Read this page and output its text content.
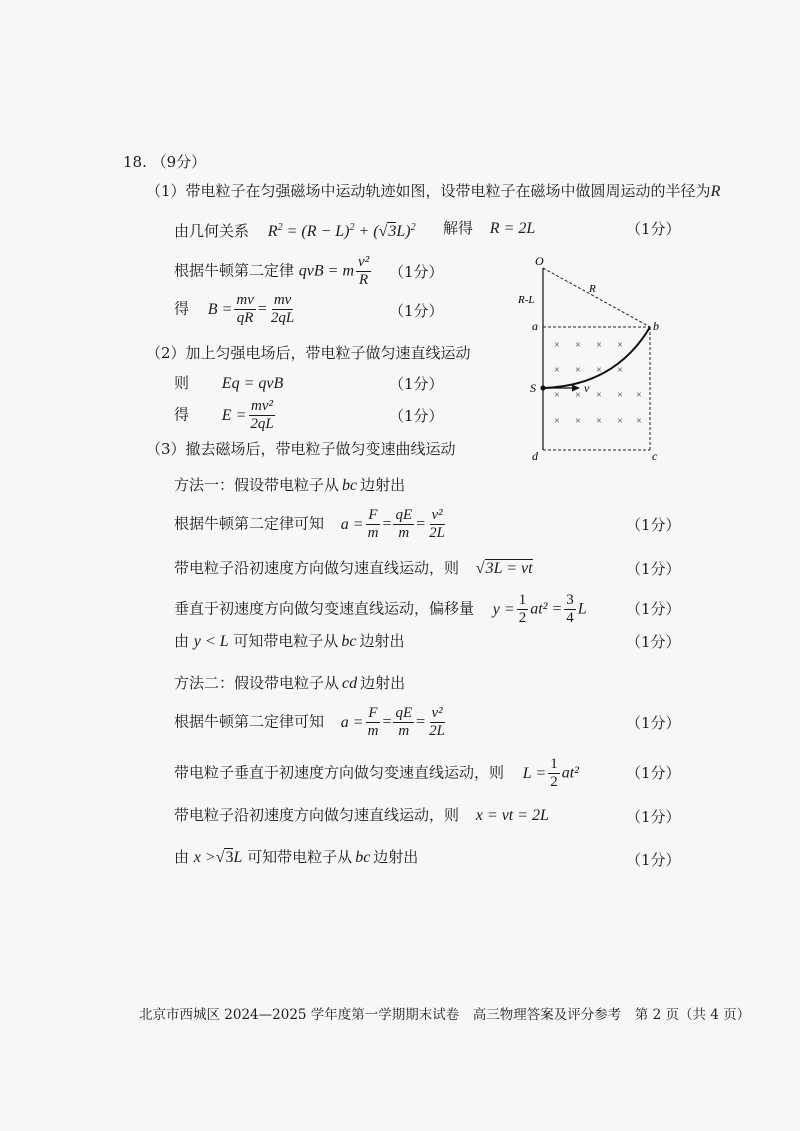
18. （9分）
（1）带电粒子在匀强磁场中运动轨迹如图，设带电粒子在磁场中做圆周运动的半径为R
由几何关系 $R^2 = (R - L)^2 + (√3L)^2$ 解得 R = 2L	（1分）
根据牛顿第二定律 qvB = m $\frac{\text{v²}}{R} (1$分）
得 $B = \frac{mv}{qR} = \frac{mv}{2qL}$	（1分）
（2）加上匀强电场后，带电粒子做匀速直线运动
则 Eq = qvB	（1分）
得 $E = \frac{\text{mv²}}{2qL}$	（1分）
（3）撤去磁场后，带电粒子做匀变速曲线运动
方法一：假设带电粒子从 bc 边射出
根据牛顿第二定律可知 $a = \frac{F}{m} = \frac{qE}{m} = \frac{\text{v²}}{2L}$	（1分）
带电粒子沿初速度方向做匀速直线运动，则 √3L = vt	（1分）
垂直于初速度方向做匀变速直线运动，偏移量 $y = \frac{1}{2} at^2 = \frac{3}{4}$ L	（1分）
由 y < L 可知带电粒子从 bc 边射出	（1分）
方法二：假设带电粒子从 cd 边射出
根据牛顿第二定律可知 $a = \frac{F}{m} = \frac{qE}{m} = \frac{\text{v²}}{2L}$	（1分）
带电粒子垂直于初速度方向做匀变速直线运动，则 $L = \frac{1}{2} at^2$	（1分）
带电粒子沿初速度方向做匀速直线运动，则 x = vt = 2L	（1分）
由 x >√3L 可知带电粒子从 bc 边射出	（1分）
× × × ×
× × × ×
× × × × ×
× × × × ×
O
R-L
R
a	b
S	v
d	c
北京市西城区 2024—2025 学年度第一学期期末试卷　高三物理答案及评分参考　第 2 页（共 4 页）
